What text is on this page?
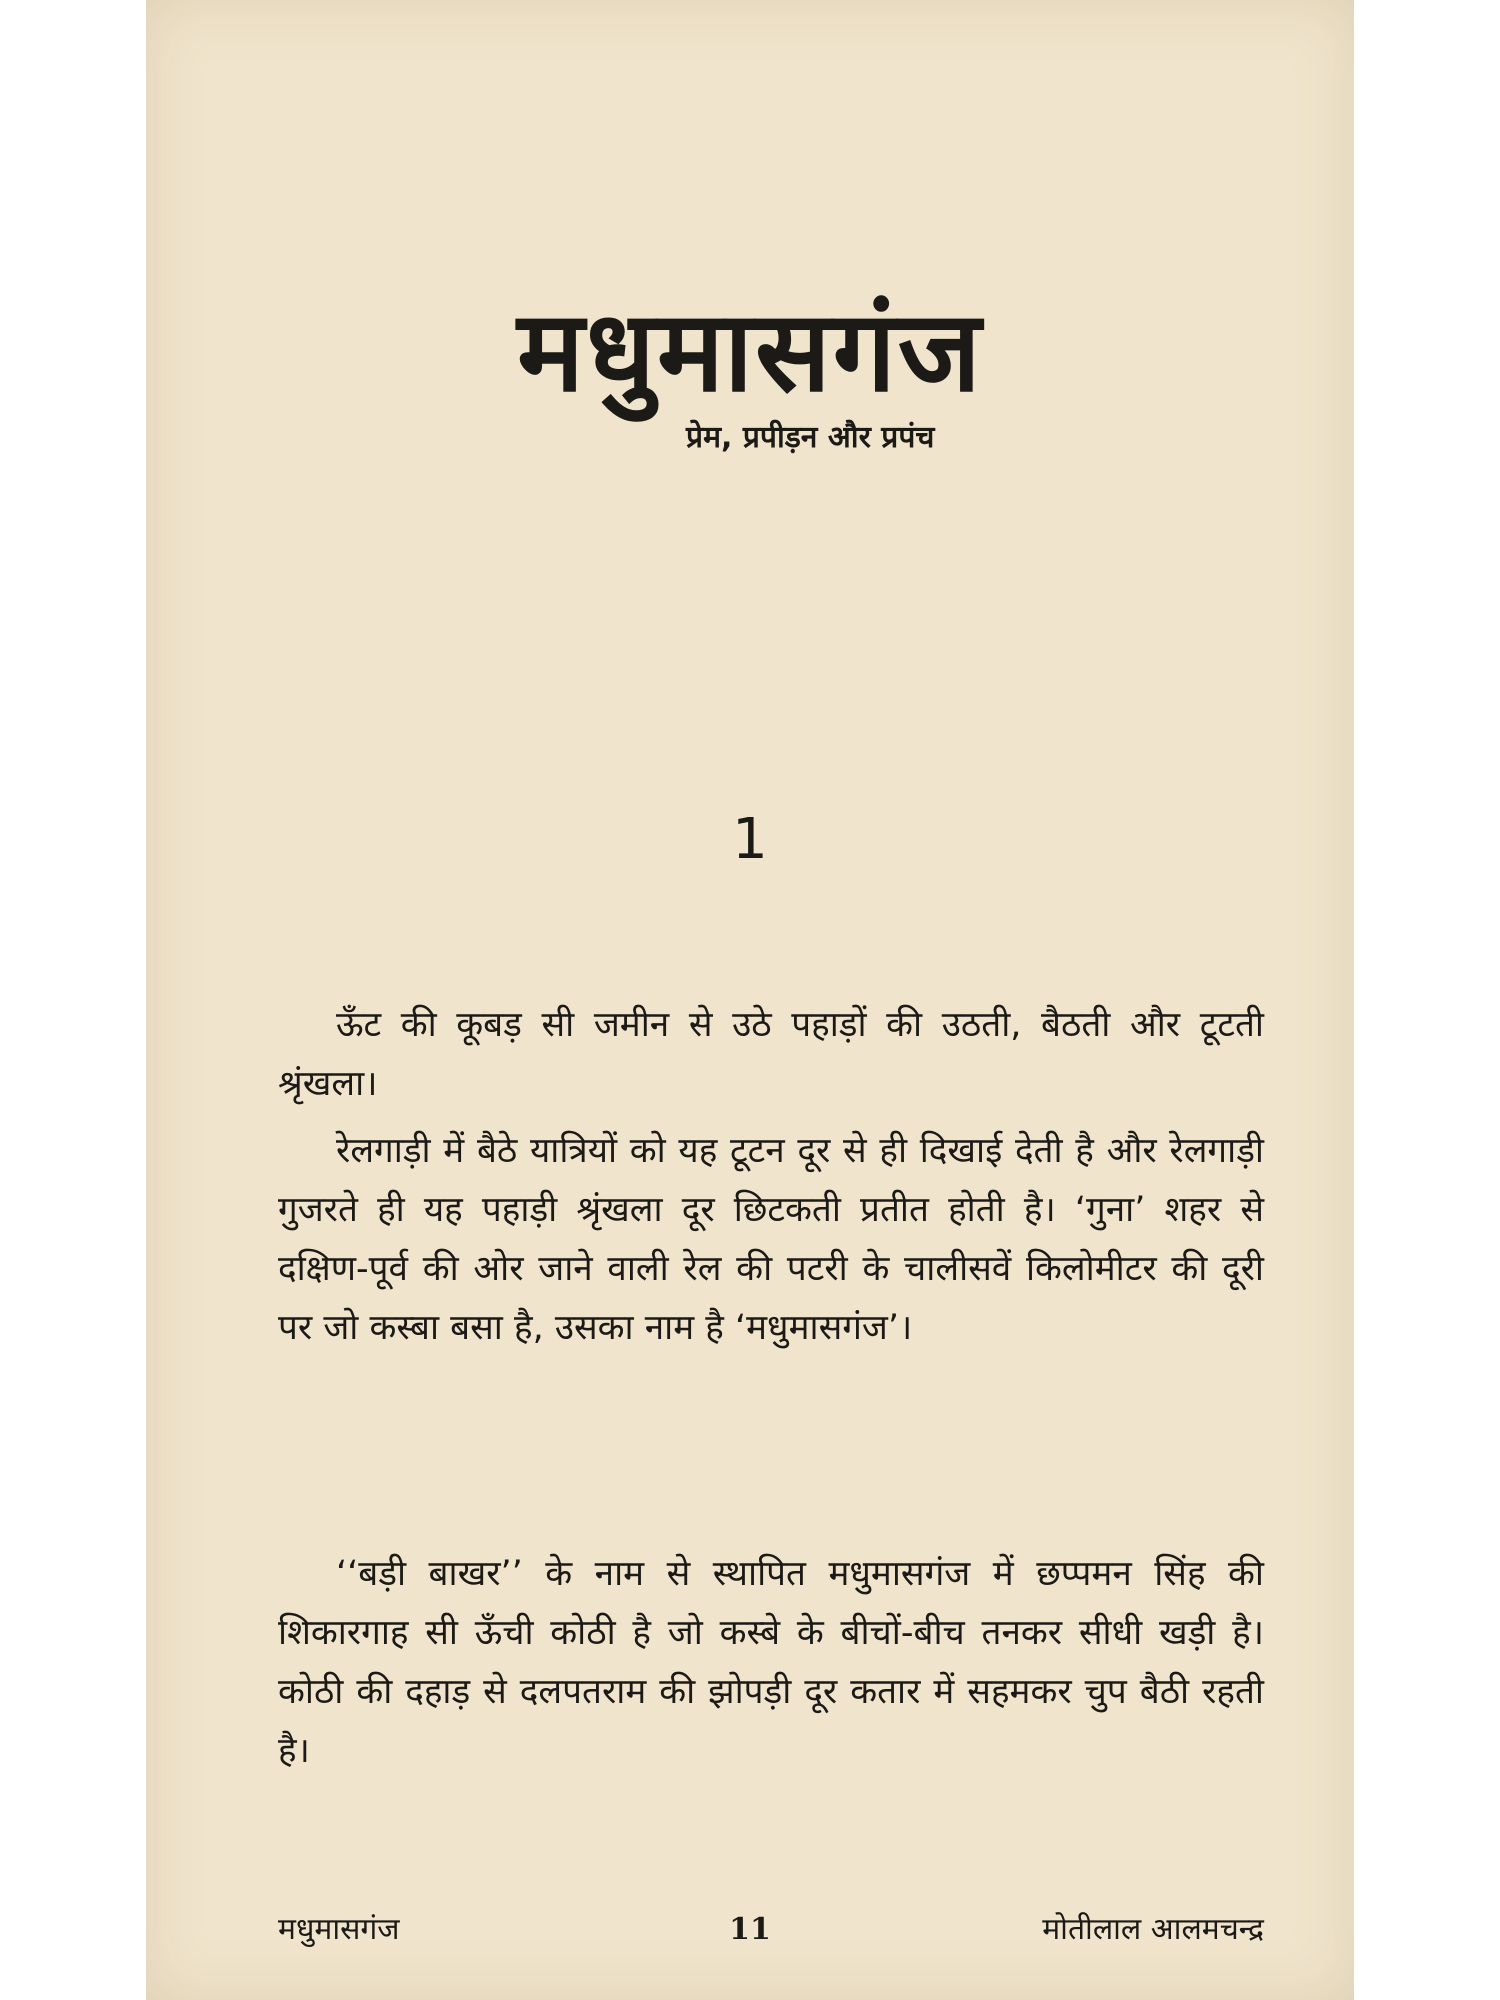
मधुमासगंज
प्रेम, प्रपीड़न और प्रपंच
1

ऊँट की कूबड़ सी जमीन से उठे पहाड़ों की उठती, बैठती और टूटती श्रृंखला।

रेलगाड़ी में बैठे यात्रियों को यह टूटन दूर से ही दिखाई देती है और रेलगाड़ी गुजरते ही यह पहाड़ी श्रृंखला दूर छिटकती प्रतीत होती है। ‘गुना’ शहर से दक्षिण-पूर्व की ओर जाने वाली रेल की पटरी के चालीसवें किलोमीटर की दूरी पर जो कस्बा बसा है, उसका नाम है ‘मधुमासगंज’।

‘‘बड़ी बाखर’’ के नाम से स्थापित मधुमासगंज में छप्पमन सिंह की शिकारगाह सी ऊँची कोठी है जो कस्बे के बीचों-बीच तनकर सीधी खड़ी है। कोठी की दहाड़ से दलपतराम की झोपड़ी दूर कतार में सहमकर चुप बैठी रहती है।

मधुमासगंज	11	मोतीलाल आलमचन्द्र
